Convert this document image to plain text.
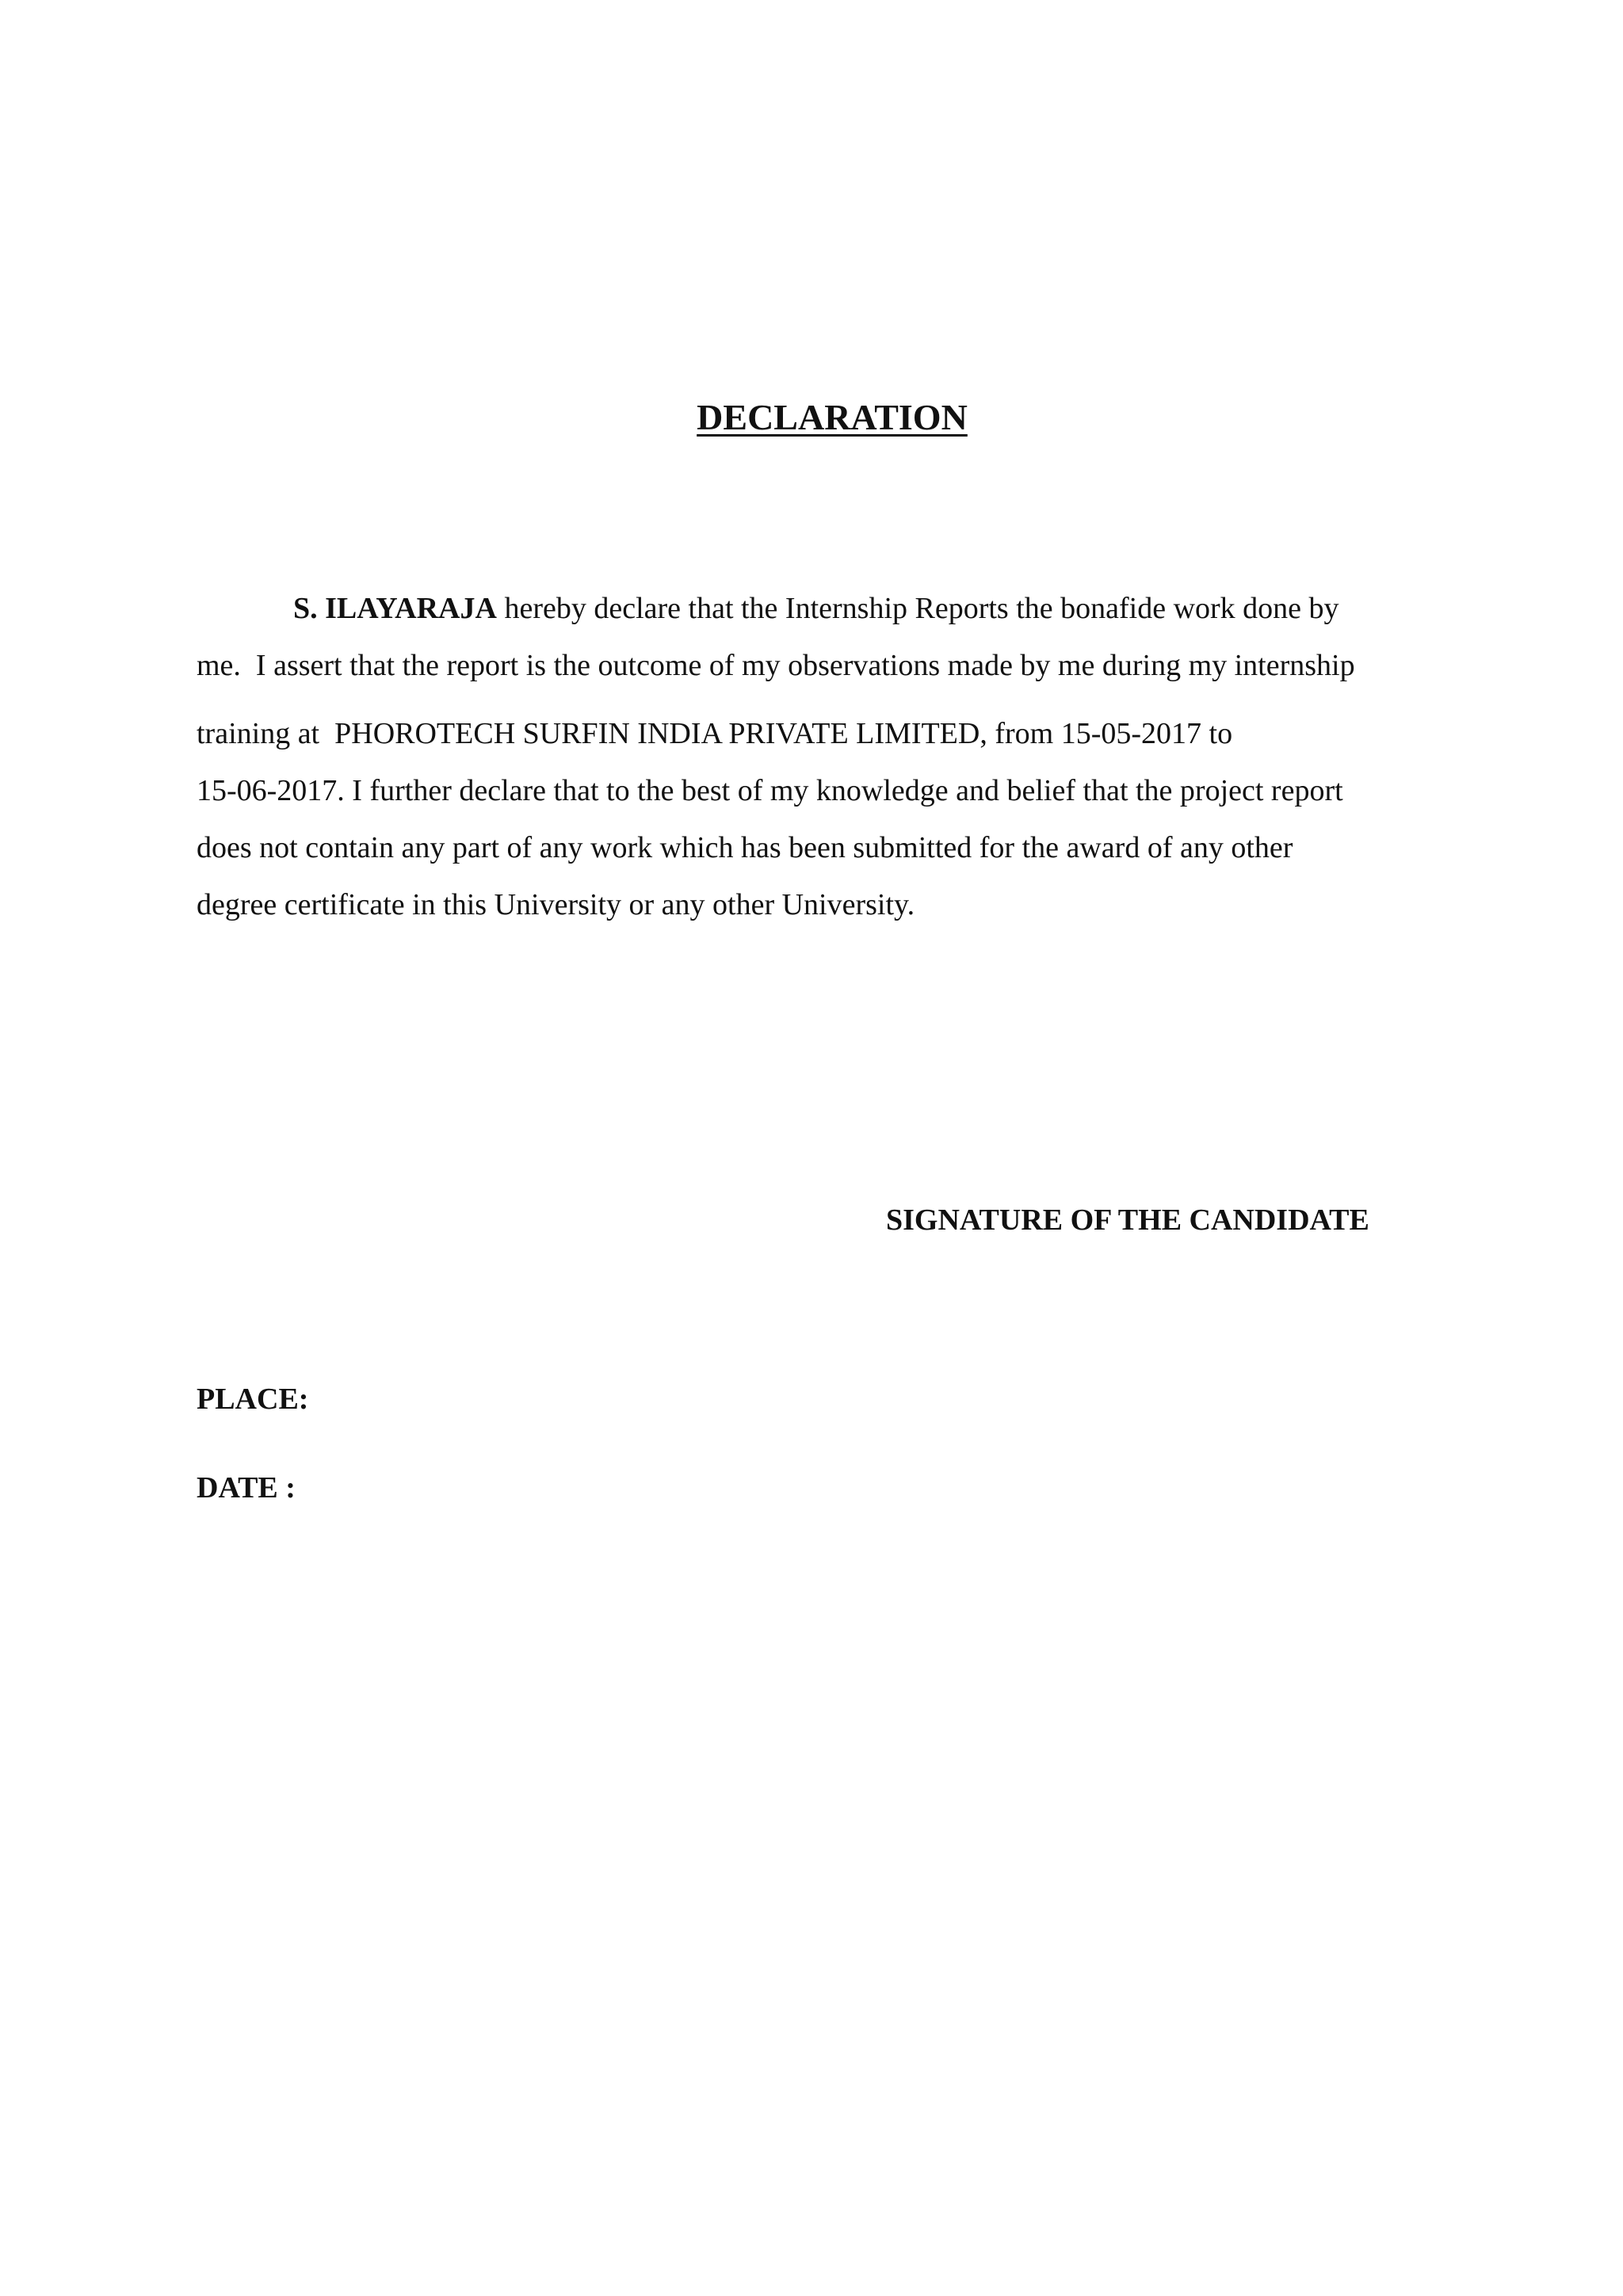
DECLARATION
S. ILAYARAJA hereby declare that the Internship Reports the bonafide work done by
me.  I assert that the report is the outcome of my observations made by me during my internship
training at  PHOROTECH SURFIN INDIA PRIVATE LIMITED, from 15-05-2017 to
15-06-2017. I further declare that to the best of my knowledge and belief that the project report
does not contain any part of any work which has been submitted for the award of any other
degree certificate in this University or any other University.

SIGNATURE OF THE CANDIDATE

PLACE:

DATE :
